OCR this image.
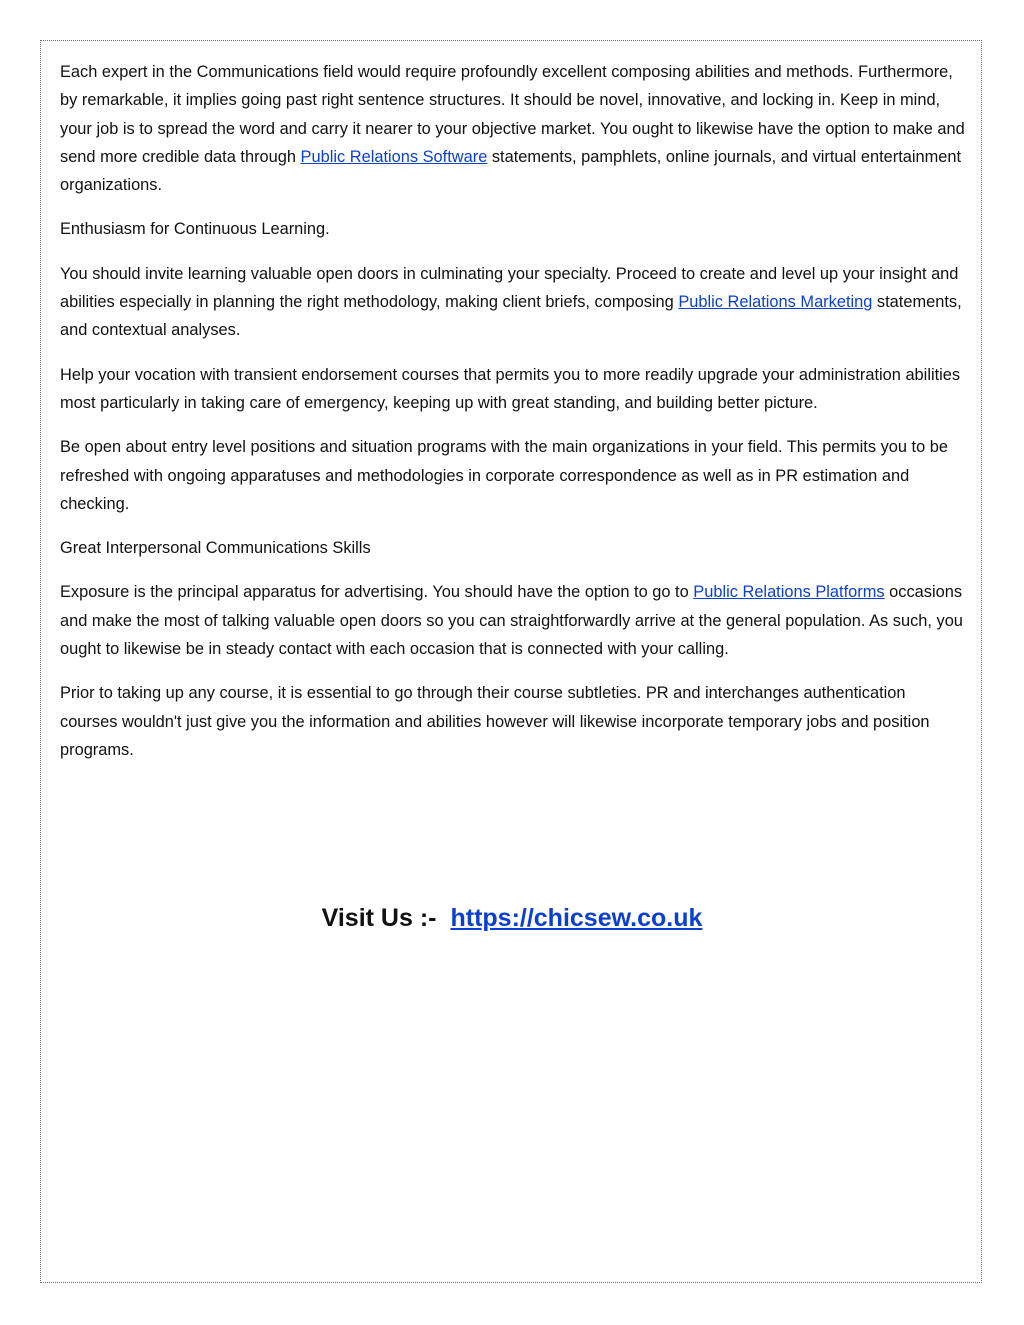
Each expert in the Communications field would require profoundly excellent composing abilities and methods. Furthermore, by remarkable, it implies going past right sentence structures. It should be novel, innovative, and locking in. Keep in mind, your job is to spread the word and carry it nearer to your objective market. You ought to likewise have the option to make and send more credible data through Public Relations Software statements, pamphlets, online journals, and virtual entertainment organizations.

Enthusiasm for Continuous Learning.

You should invite learning valuable open doors in culminating your specialty. Proceed to create and level up your insight and abilities especially in planning the right methodology, making client briefs, composing Public Relations Marketing statements, and contextual analyses.

Help your vocation with transient endorsement courses that permits you to more readily upgrade your administration abilities most particularly in taking care of emergency, keeping up with great standing, and building better picture.

Be open about entry level positions and situation programs with the main organizations in your field. This permits you to be refreshed with ongoing apparatuses and methodologies in corporate correspondence as well as in PR estimation and checking.

Great Interpersonal Communications Skills

Exposure is the principal apparatus for advertising. You should have the option to go to Public Relations Platforms occasions and make the most of talking valuable open doors so you can straightforwardly arrive at the general population. As such, you ought to likewise be in steady contact with each occasion that is connected with your calling.

Prior to taking up any course, it is essential to go through their course subtleties. PR and interchanges authentication courses wouldn't just give you the information and abilities however will likewise incorporate temporary jobs and position programs.

Visit Us :- https://chicsew.co.uk
